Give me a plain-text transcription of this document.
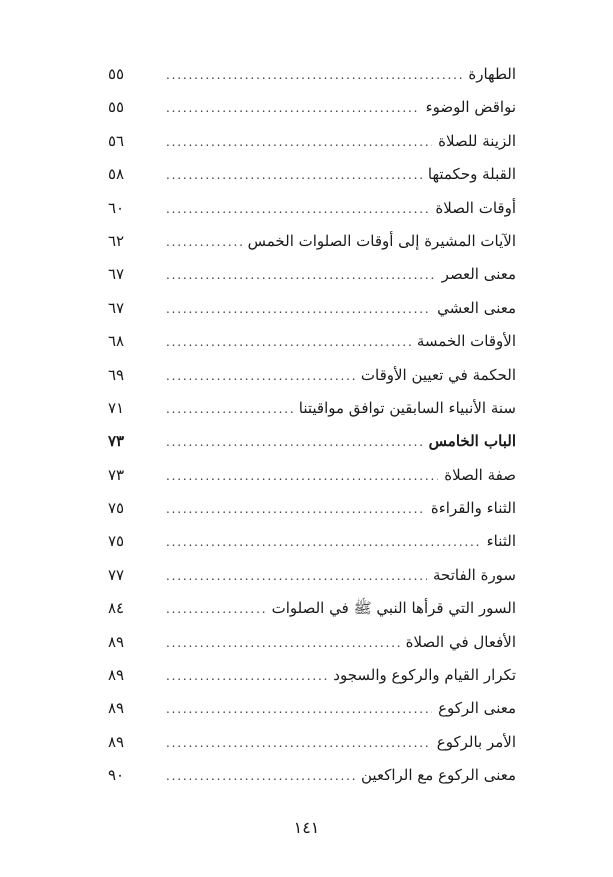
الطهارة
. . .
٥٥
نواقض الوضوء
. . .
٥٥
الزينة للصلاة
. . .
٥٦
القبلة وحكمتها
. . .
٥٨
أوقات الصلاة
. . .
٦٠
الآيات المشيرة إلى أوقات الصلوات الخمس
. . .
٦٢
معنى العصر
. . .
٦٧
معنى العشي
. . .
٦٧
الأوقات الخمسة
. . .
٦٨
الحكمة في تعيين الأوقات
. . .
٦٩
سنة الأنبياء السابقين توافق مواقيتنا
. . .
٧١
الباب الخامس
. . .
٧٣
صفة الصلاة
. . .
٧٣
الثناء والقراءة
. . .
٧٥
الثناء
. . .
٧٥
سورة الفاتحة
. . .
٧٧
السور التي قرأها النبي ﷺ في الصلوات
. . .
٨٤
الأفعال في الصلاة
. . .
٨٩
تكرار القيام والركوع والسجود
. . .
٨٩
معنى الركوع
. . .
٨٩
الأمر بالركوع
. . .
٨٩
معنى الركوع مع الراكعين
. . .
٩٠
١٤١
